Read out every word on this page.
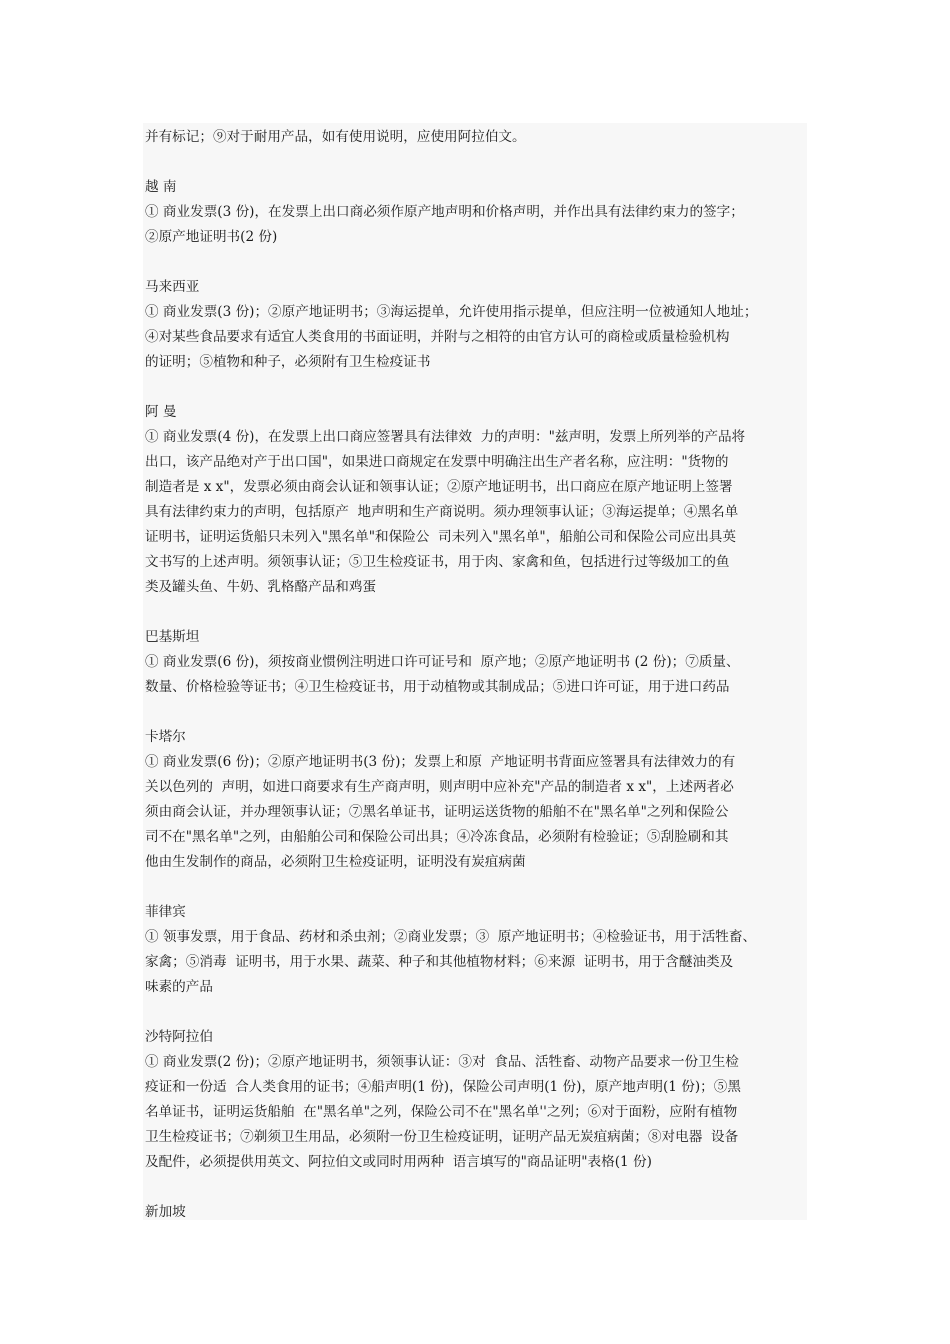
并有标记；⑨对于耐用产品，如有使用说明，应使用阿拉伯文。

越 南

① 商业发票(3 份)，在发票上出口商必须作原产地声明和价格声明，并作出具有法律约束力的签字；

②原产地证明书(2 份)

马来西亚

① 商业发票(3 份)；②原产地证明书；③海运提单，允许使用指示提单，但应注明一位被通知人地址；

④对某些食品要求有适宜人类食用的书面证明，并附与之相符的由官方认可的商检或质量检验机构

的证明；⑤植物和种子，必须附有卫生检疫证书

阿 曼

① 商业发票(4 份)，在发票上出口商应签署具有法律效  力的声明："兹声明，发票上所列举的产品将

出口，该产品绝对产于出口国"，如果进口商规定在发票中明确注出生产者名称，应注明："货物的

制造者是 x x"，发票必须由商会认证和领事认证；②原产地证明书，出口商应在原产地证明上签署

具有法律约束力的声明，包括原产  地声明和生产商说明。须办理领事认证；③海运提单；④黑名单

证明书，证明运货船只未列入"黑名单"和保险公  司未列入"黑名单"，船舶公司和保险公司应出具英

文书写的上述声明。须领事认证；⑤卫生检疫证书，用于肉、家禽和鱼，包括进行过等级加工的鱼

类及罐头鱼、牛奶、乳格酪产品和鸡蛋

巴基斯坦

① 商业发票(6 份)，须按商业惯例注明进口许可证号和  原产地；②原产地证明书 (2 份)；⑦质量、

数量、价格检验等证书；④卫生检疫证书，用于动植物或其制成品；⑤进口许可证，用于进口药品

卡塔尔

① 商业发票(6 份)；②原产地证明书(3 份)；发票上和原  产地证明书背面应签署具有法律效力的有

关以色列的  声明，如进口商要求有生产商声明，则声明中应补充"产品的制造者 x x"，上述两者必

须由商会认证，并办理领事认证；⑦黑名单证书，证明运送货物的船舶不在"黑名单"之列和保险公

司不在"黑名单"之列，由船舶公司和保险公司出具；④冷冻食品，必须附有检验证；⑤刮脸刷和其

他由生发制作的商品，必须附卫生检疫证明，证明没有炭疽病菌

菲律宾

① 领事发票，用于食品、药材和杀虫剂；②商业发票；③  原产地证明书；④检验证书，用于活牲畜、

家禽；⑤消毒  证明书，用于水果、蔬菜、种子和其他植物材料；⑥来源  证明书，用于含醚油类及

味素的产品

沙特阿拉伯

① 商业发票(2 份)；②原产地证明书，须领事认证：③对  食品、活牲畜、动物产品要求一份卫生检

疫证和一份适  合人类食用的证书；④船声明(1 份)，保险公司声明(1 份)，原产地声明(1 份)；⑤黑

名单证书，证明运货船舶  在"黑名单"之列，保险公司不在"黑名单''之列；⑥对于面粉，应附有植物

卫生检疫证书；⑦剃须卫生用品，必须附一份卫生检疫证明，证明产品无炭疽病菌；⑧对电器  设备

及配件，必须提供用英文、阿拉伯文或同时用两种  语言填写的"商品证明"表格(1 份)

新加坡
